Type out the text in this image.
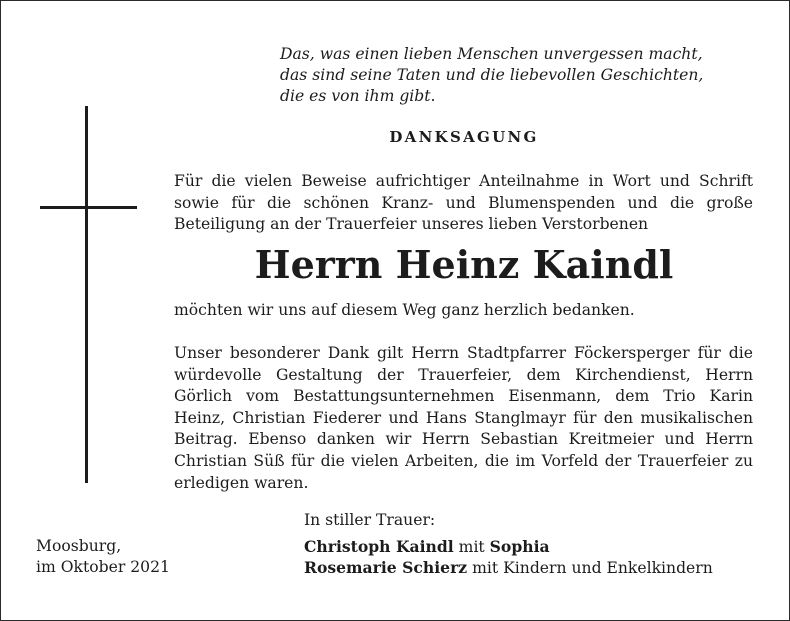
Das, was einen lieben Menschen unvergessen macht,
das sind seine Taten und die liebevollen Geschichten,
die es von ihm gibt.

DANKSAGUNG

Für die vielen Beweise aufrichtiger Anteilnahme in Wort und Schrift sowie für die schönen Kranz- und Blumenspenden und die große Beteiligung an der Trauerfeier unseres lieben Verstorbenen

Herrn Heinz Kaindl

möchten wir uns auf diesem Weg ganz herzlich bedanken.

Unser besonderer Dank gilt Herrn Stadtpfarrer Föckersperger für die würdevolle Gestaltung der Trauerfeier, dem Kirchendienst, Herrn Görlich vom Bestattungsunternehmen Eisenmann, dem Trio Karin Heinz, Christian Fiederer und Hans Stanglmayr für den musikalischen Beitrag. Ebenso danken wir Herrn Sebastian Kreitmeier und Herrn Christian Süß für die vielen Arbeiten, die im Vorfeld der Trauerfeier zu erledigen waren.

In stiller Trauer:

Christoph Kaindl mit Sophia

Rosemarie Schierz mit Kindern und Enkelkindern

Moosburg,

im Oktober 2021
